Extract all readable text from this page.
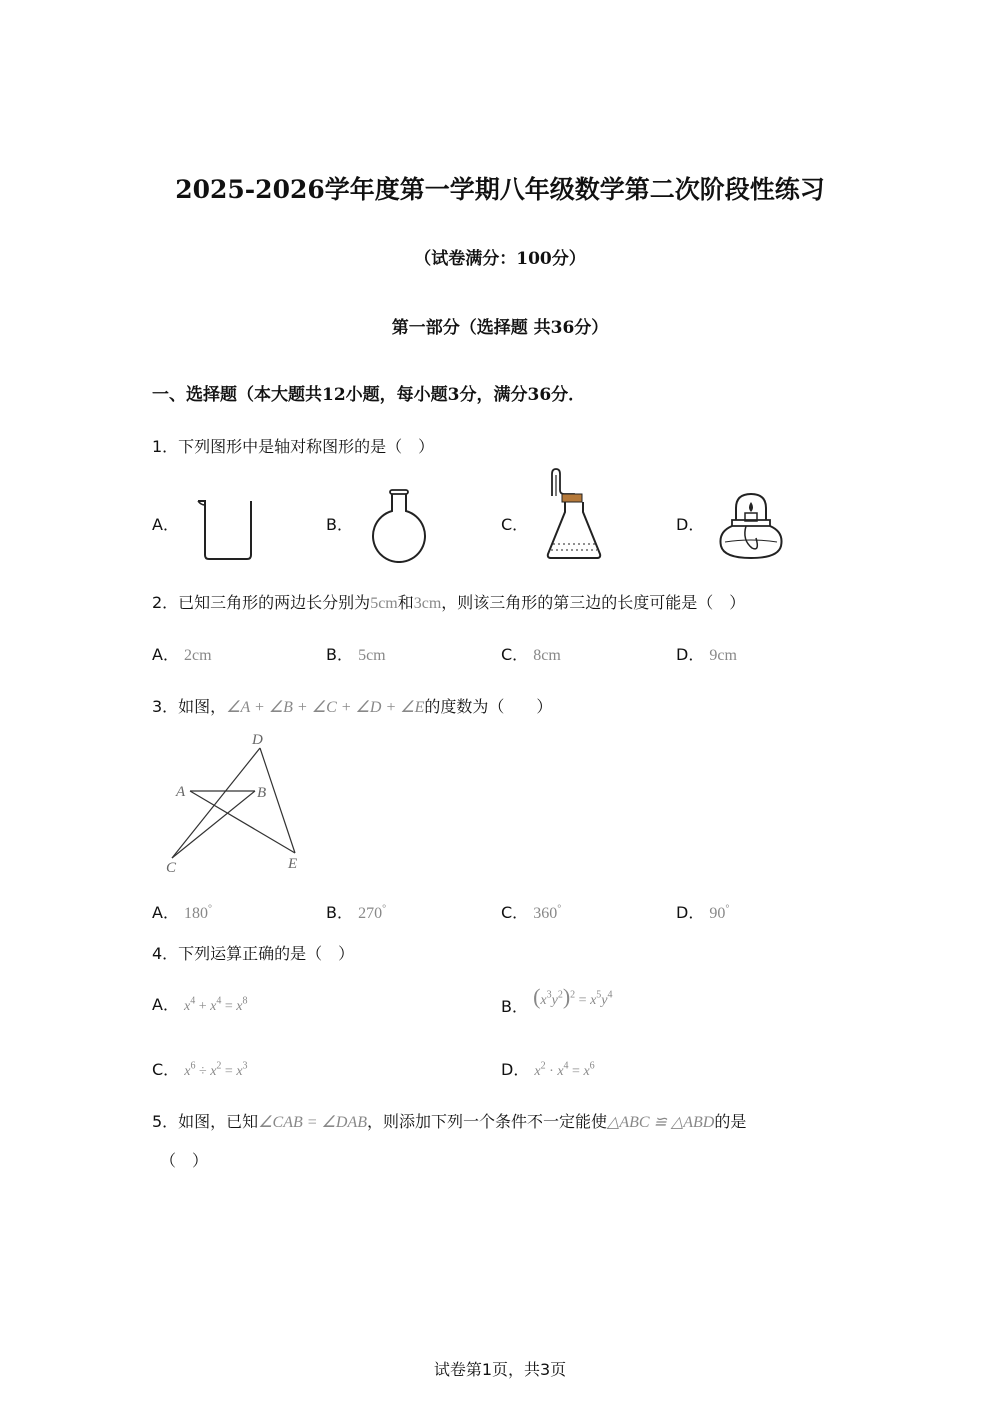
2025-2026学年度第一学期八年级数学第二次阶段性练习
（试卷满分：100分）
第一部分（选择题 共36分）
一、选择题（本大题共12小题，每小题3分，满分36分．
1．下列图形中是轴对称图形的是（　）
A．	B．	C．	D．
2．已知三角形的两边长分别为5cm和3cm，则该三角形的第三边的长度可能是（　）
A． 2cm	B． 5cm	C． 8cm	D． 9cm
3．如图，∠A + ∠B + ∠C + ∠D + ∠E的度数为（　　）
D
A	B
C	E
A． 180°	B． 270°	C． 360°	D． 90°
4．下列运算正确的是（　）
A． $x^4 + x^4 = x^8$	B． $(x^3y^2)^2 = x^5y^4$
C． $x^6 \div x^2 = x^3$	D． $x^2 \cdot x^4 = x^6$
5．如图，已知∠CAB = ∠DAB，则添加下列一个条件不一定能使△ABC ≌ △ABD的是
（　）
试卷第1页，共3页
